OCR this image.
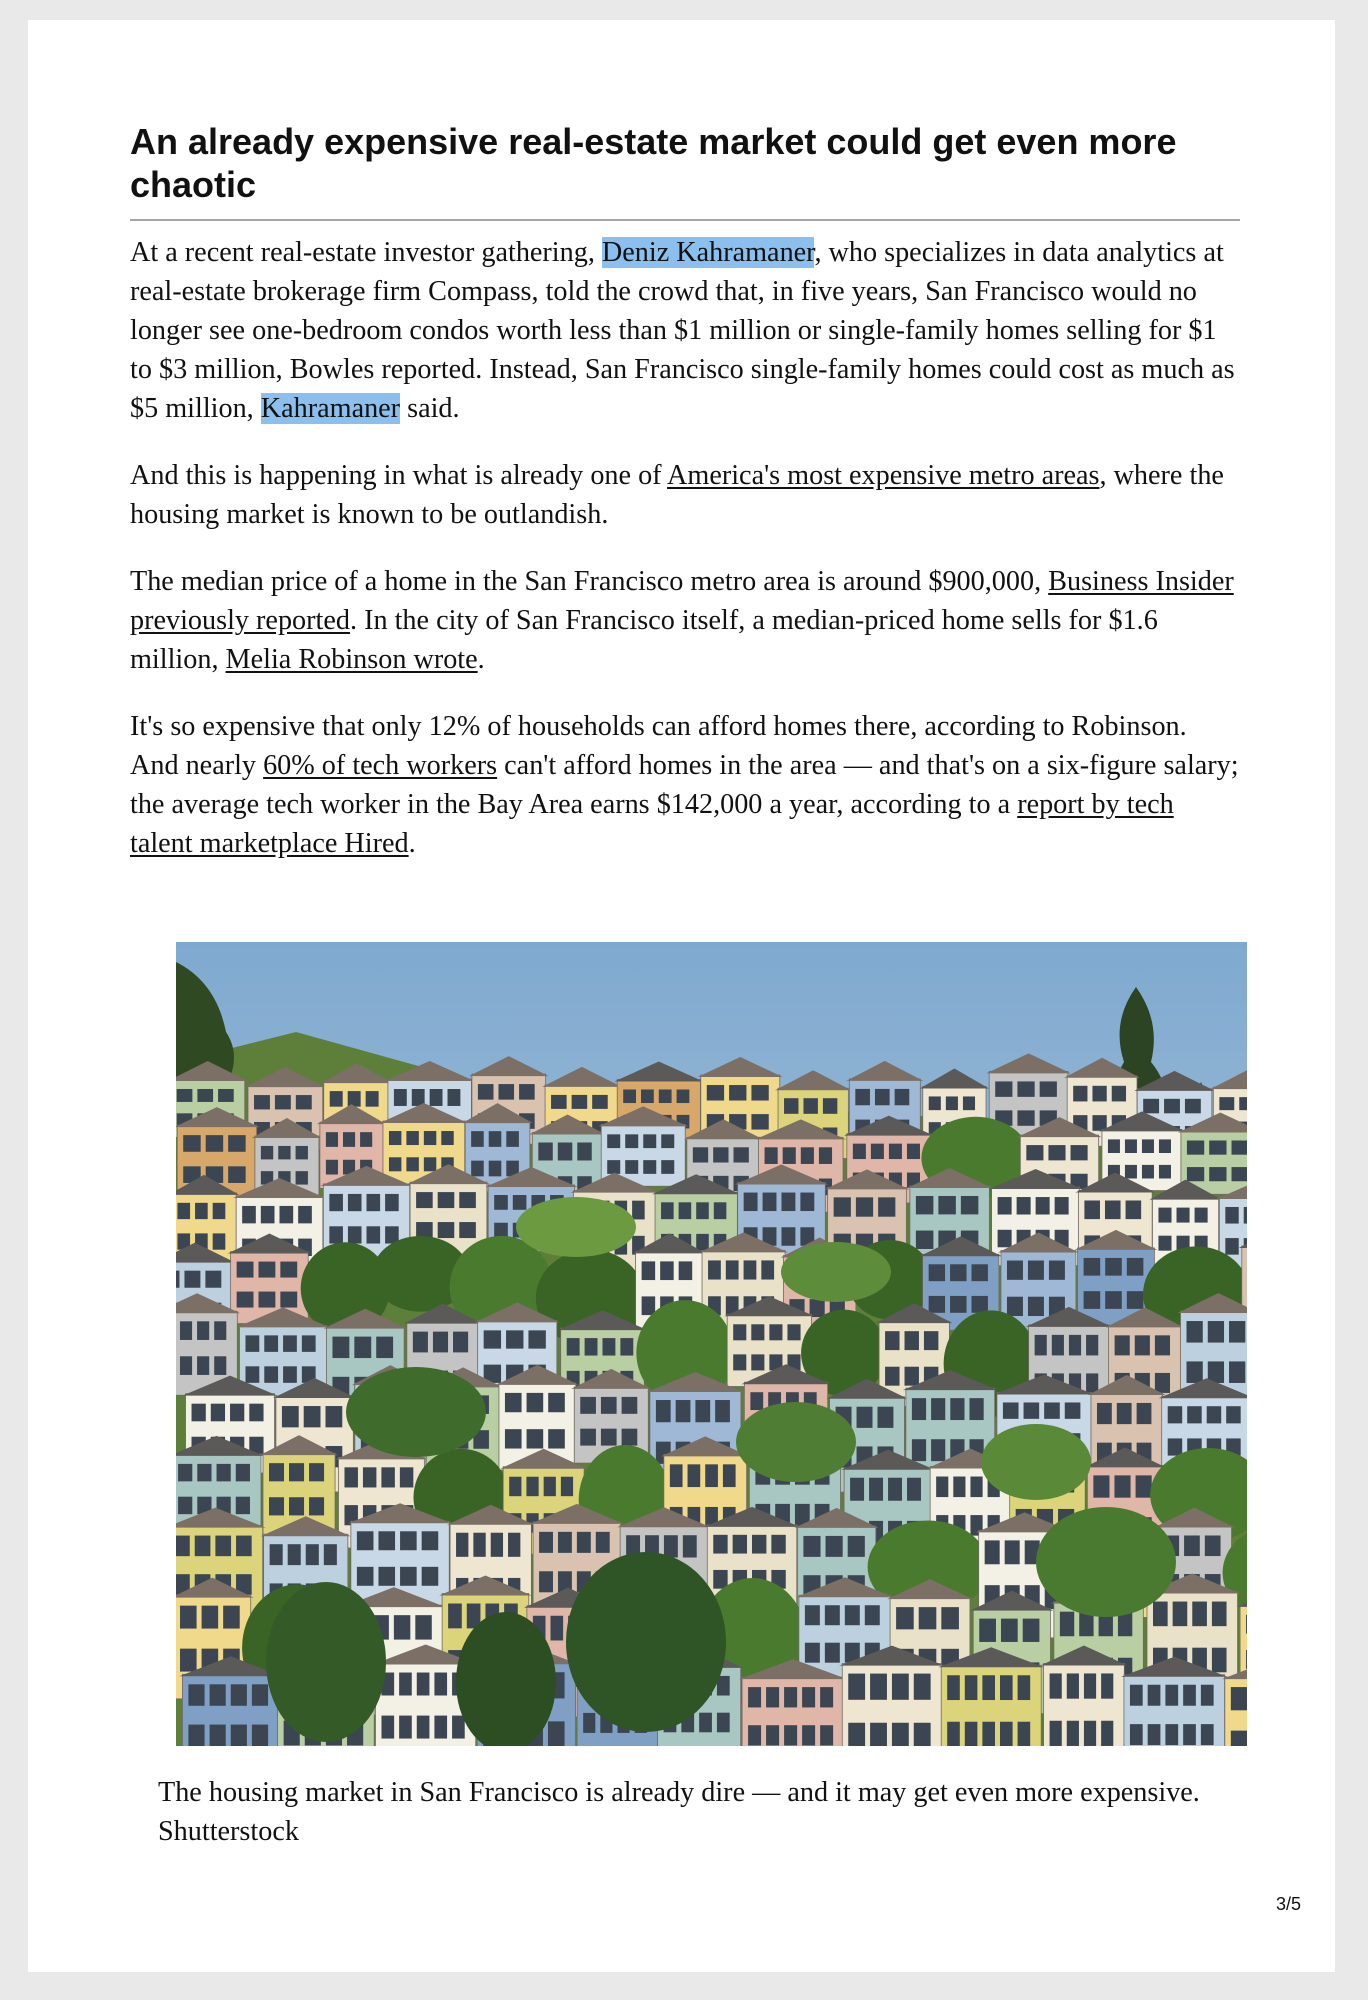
An already expensive real-estate market could get even more chaotic

At a recent real-estate investor gathering, Deniz Kahramaner, who specializes in data analytics at real-estate brokerage firm Compass, told the crowd that, in five years, San Francisco would no longer see one-bedroom condos worth less than $1 million or single-family homes selling for $1 to $3 million, Bowles reported. Instead, San Francisco single-family homes could cost as much as $5 million, Kahramaner said.

And this is happening in what is already one of America's most expensive metro areas, where the housing market is known to be outlandish.

The median price of a home in the San Francisco metro area is around $900,000, Business Insider previously reported. In the city of San Francisco itself, a median-priced home sells for $1.6 million, Melia Robinson wrote.

It's so expensive that only 12% of households can afford homes there, according to Robinson. And nearly 60% of tech workers can't afford homes in the area — and that's on a six-figure salary; the average tech worker in the Bay Area earns $142,000 a year, according to a report by tech talent marketplace Hired.

The housing market in San Francisco is already dire — and it may get even more expensive.
Shutterstock
3/5
